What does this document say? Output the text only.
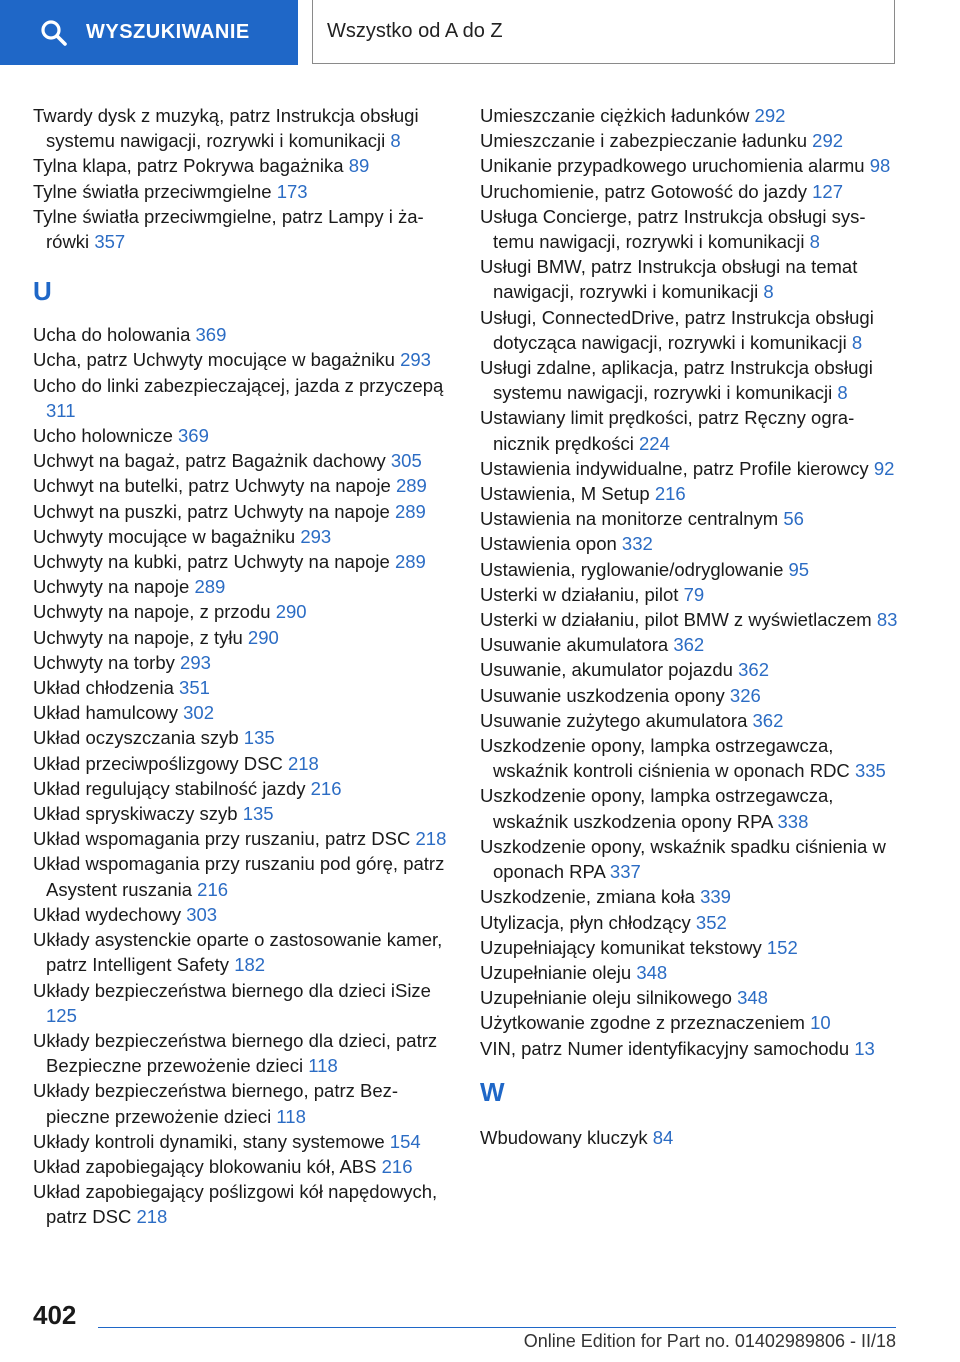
WYSZUKIWANIE	Wszystko od A do Z
Twardy dysk z muzyką, patrz Instrukcja obsługi systemu nawigacji, rozrywki i komunikacji 8
Tylna klapa, patrz Pokrywa bagażnika 89
Tylne światła przeciwmgielne 173
Tylne światła przeciwmgielne, patrz Lampy i żarówki 357
U
Ucha do holowania 369
Ucha, patrz Uchwyty mocujące w bagażniku 293
Ucho do linki zabezpieczającej, jazda z przyczepą 311
Ucho holownicze 369
Uchwyt na bagaż, patrz Bagażnik dachowy 305
Uchwyt na butelki, patrz Uchwyty na napoje 289
Uchwyt na puszki, patrz Uchwyty na napoje 289
Uchwyty mocujące w bagażniku 293
Uchwyty na kubki, patrz Uchwyty na napoje 289
Uchwyty na napoje 289
Uchwyty na napoje, z przodu 290
Uchwyty na napoje, z tyłu 290
Uchwyty na torby 293
Układ chłodzenia 351
Układ hamulcowy 302
Układ oczyszczania szyb 135
Układ przeciwpoślizgowy DSC 218
Układ regulujący stabilność jazdy 216
Układ spryskiwaczy szyb 135
Układ wspomagania przy ruszaniu, patrz DSC 218
Układ wspomagania przy ruszaniu pod górę, patrz Asystent ruszania 216
Układ wydechowy 303
Układy asystenckie oparte o zastosowanie kamer, patrz Intelligent Safety 182
Układy bezpieczeństwa biernego dla dzieci iSize 125
Układy bezpieczeństwa biernego dla dzieci, patrz Bezpieczne przewożenie dzieci 118
Układy bezpieczeństwa biernego, patrz Bezpieczne przewożenie dzieci 118
Układy kontroli dynamiki, stany systemowe 154
Układ zapobiegający blokowaniu kół, ABS 216
Układ zapobiegający poślizgowi kół napędowych, patrz DSC 218
Umieszczanie ciężkich ładunków 292
Umieszczanie i zabezpieczanie ładunku 292
Unikanie przypadkowego uruchomienia alarmu 98
Uruchomienie, patrz Gotowość do jazdy 127
Usługa Concierge, patrz Instrukcja obsługi systemu nawigacji, rozrywki i komunikacji 8
Usługi BMW, patrz Instrukcja obsługi na temat nawigacji, rozrywki i komunikacji 8
Usługi, ConnectedDrive, patrz Instrukcja obsługi dotycząca nawigacji, rozrywki i komunikacji 8
Usługi zdalne, aplikacja, patrz Instrukcja obsługi systemu nawigacji, rozrywki i komunikacji 8
Ustawiany limit prędkości, patrz Ręczny ogranicznik prędkości 224
Ustawienia indywidualne, patrz Profile kierowcy 92
Ustawienia, M Setup 216
Ustawienia na monitorze centralnym 56
Ustawienia opon 332
Ustawienia, ryglowanie/odryglowanie 95
Usterki w działaniu, pilot 79
Usterki w działaniu, pilot BMW z wyświetlaczem 83
Usuwanie akumulatora 362
Usuwanie, akumulator pojazdu 362
Usuwanie uszkodzenia opony 326
Usuwanie zużytego akumulatora 362
Uszkodzenie opony, lampka ostrzegawcza, wskaźnik kontroli ciśnienia w oponach RDC 335
Uszkodzenie opony, lampka ostrzegawcza, wskaźnik uszkodzenia opony RPA 338
Uszkodzenie opony, wskaźnik spadku ciśnienia w oponach RPA 337
Uszkodzenie, zmiana koła 339
Utylizacja, płyn chłodzący 352
Uzupełniający komunikat tekstowy 152
Uzupełnianie oleju 348
Uzupełnianie oleju silnikowego 348
Użytkowanie zgodne z przeznaczeniem 10
VIN, patrz Numer identyfikacyjny samochodu 13
W
Wbudowany kluczyk 84
402
Online Edition for Part no. 01402989806 - II/18
